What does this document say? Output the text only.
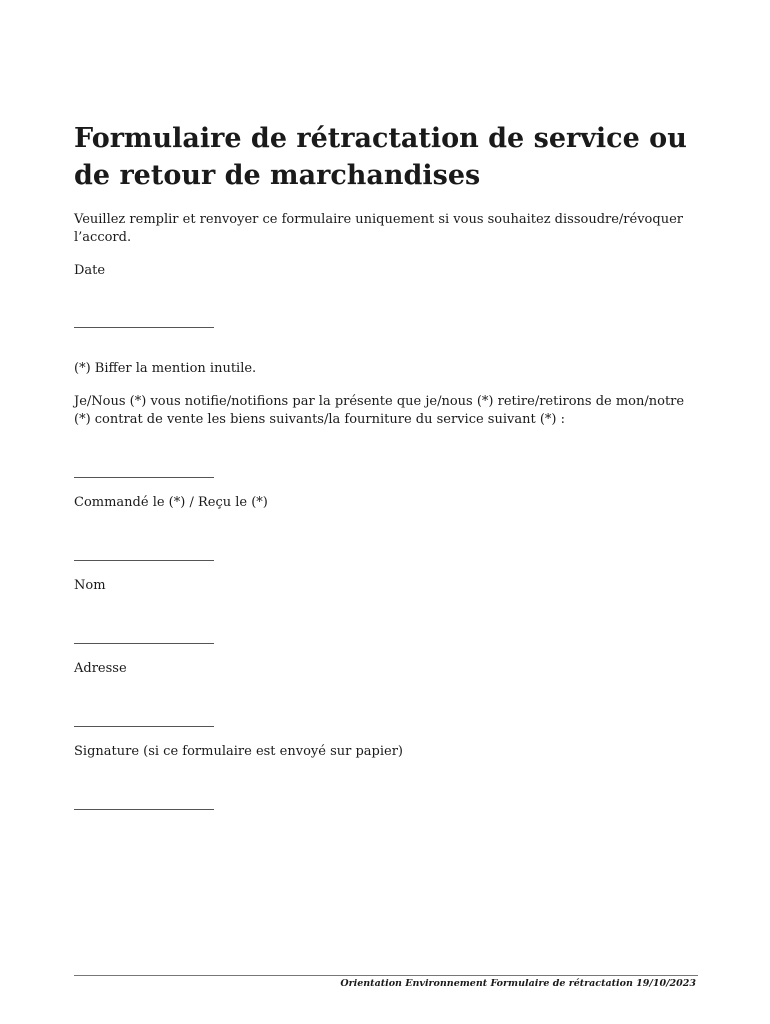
Formulaire de rétractation de service ou de retour de marchandises

Veuillez remplir et renvoyer ce formulaire uniquement si vous souhaitez dissoudre/révoquer l’accord.

Date

(*) Biffer la mention inutile.

Je/Nous (*) vous notifie/notifions par la présente que je/nous (*) retire/retirons de mon/notre (*) contrat de vente les biens suivants/la fourniture du service suivant (*) :

Commandé le (*) / Reçu le (*)

Nom

Adresse

Signature (si ce formulaire est envoyé sur papier)

Orientation Environnement Formulaire de rétractation 19/10/2023
